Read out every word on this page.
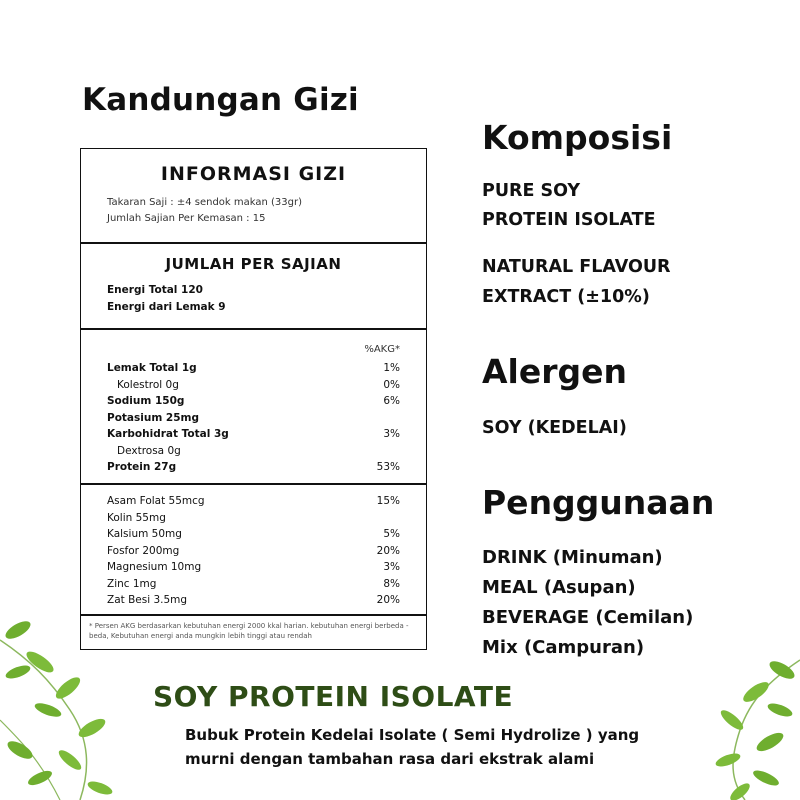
Kandungan Gizi
INFORMASI GIZI
Takaran Saji : ±4 sendok makan (33gr)
Jumlah Sajian Per Kemasan : 15
JUMLAH PER SAJIAN
Energi Total 120
Energi dari Lemak 9
%AKG*
Lemak Total 1g	1%
Kolestrol 0g	0%
Sodium 150g	6%
Potasium 25mg
Karbohidrat Total 3g	3%
Dextrosa 0g
Protein 27g	53%
Asam Folat 55mcg	15%
Kolin 55mg
Kalsium 50mg	5%
Fosfor 200mg	20%
Magnesium 10mg	3%
Zinc 1mg	8%
Zat Besi 3.5mg	20%
* Persen AKG berdasarkan kebutuhan energi 2000 kkal harian. kebutuhan energi berbeda - beda, Kebutuhan energi anda mungkin lebih tinggi atau rendah
Komposisi
PURE SOY
PROTEIN ISOLATE
NATURAL FLAVOUR
EXTRACT (±10%)
Alergen
SOY (KEDELAI)
Penggunaan
DRINK (Minuman)
MEAL (Asupan)
BEVERAGE (Cemilan)
Mix (Campuran)
SOY PROTEIN ISOLATE
Bubuk Protein Kedelai Isolate ( Semi Hydrolize ) yang
murni dengan tambahan rasa dari ekstrak alami
